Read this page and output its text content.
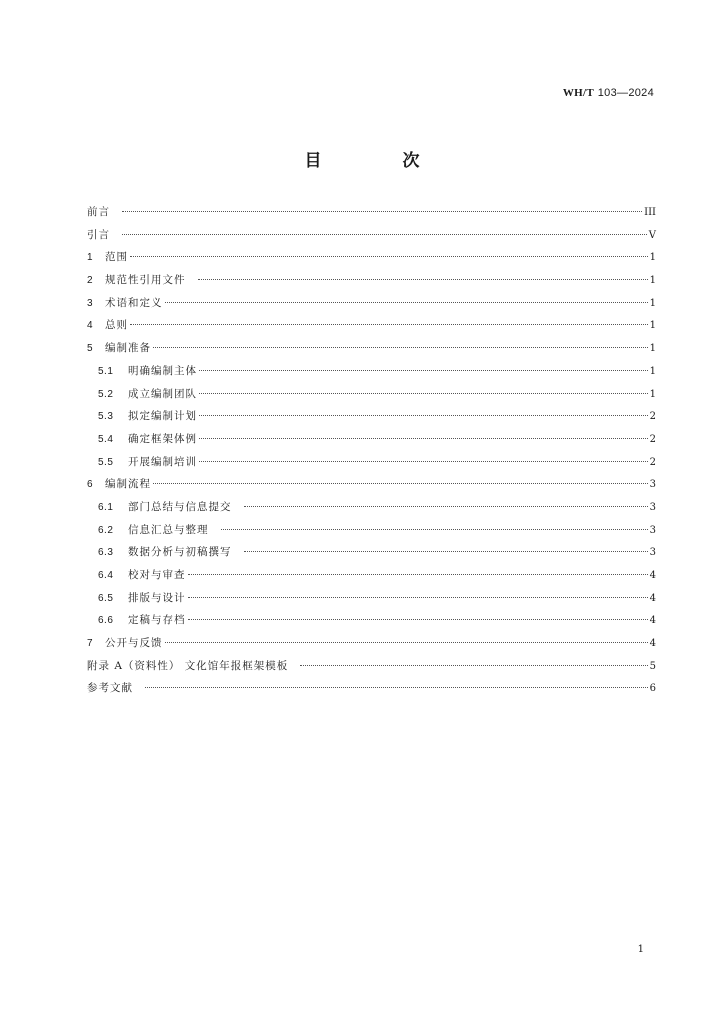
WH/T 103—2024
目　次
前言	III
引言	V
1 范围	1
2 规范性引用文件	1
3 术语和定义	1
4 总则	1
5 编制准备	1
5.1 明确编制主体	1
5.2 成立编制团队	1
5.3 拟定编制计划	2
5.4 确定框架体例	2
5.5 开展编制培训	2
6 编制流程	3
6.1 部门总结与信息提交	3
6.2 信息汇总与整理	3
6.3 数据分析与初稿撰写	3
6.4 校对与审查	4
6.5 排版与设计	4
6.6 定稿与存档	4
7 公开与反馈	4
附录 A（资料性） 文化馆年报框架模板	5
参考文献	6
1
